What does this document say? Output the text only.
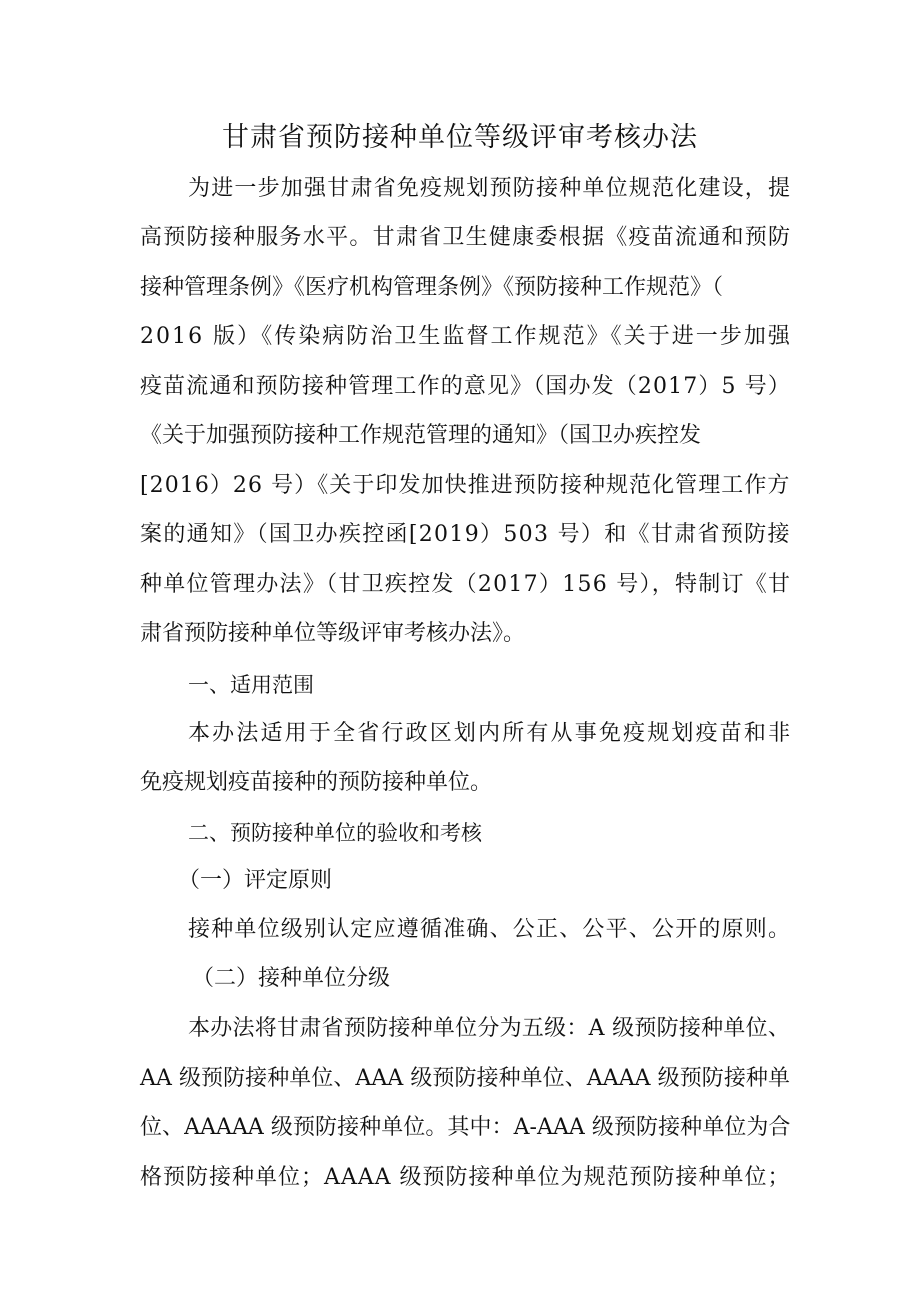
甘肃省预防接种单位等级评审考核办法
为进一步加强甘肃省免疫规划预防接种单位规范化建设，提
高预防接种服务水平。甘肃省卫生健康委根据《疫苗流通和预防
接种管理条例》《医疗机构管理条例》《预防接种工作规范》（
2016 版）《传染病防治卫生监督工作规范》《关于进一步加强
疫苗流通和预防接种管理工作的意见》（国办发（2017）5 号）
《关于加强预防接种工作规范管理的通知》（国卫办疾控发
[2016）26 号）《关于印发加快推进预防接种规范化管理工作方
案的通知》（国卫办疾控函[2019）503 号）和《甘肃省预防接
种单位管理办法》（甘卫疾控发（2017）156 号），特制订《甘
肃省预防接种单位等级评审考核办法》。
一、适用范围
本办法适用于全省行政区划内所有从事免疫规划疫苗和非
免疫规划疫苗接种的预防接种单位。
二、预防接种单位的验收和考核
（一）评定原则
接种单位级别认定应遵循准确、公正、公平、公开的原则。
（二）接种单位分级
本办法将甘肃省预防接种单位分为五级：A 级预防接种单位、
AA 级预防接种单位、AAA 级预防接种单位、AAAA 级预防接种单
位、AAAAA 级预防接种单位。其中：A-AAA 级预防接种单位为合
格预防接种单位；AAAA 级预防接种单位为规范预防接种单位；
